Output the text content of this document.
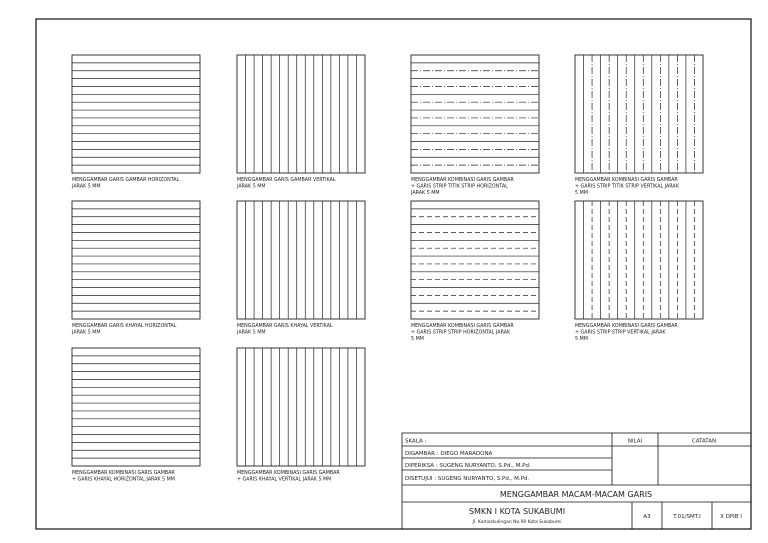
MENGGAMBAR GARIS GAMBAR HORIZONTAL
JARAK 5 MM
MENGGAMBAR GARIS GAMBAR VERTIKAL
JARAK 5 MM
MENGGAMBAR KOMBINASI GARIS GAMBAR
+ GARIS STRIP TITIK STRIP HORIZONTAL
JARAK 5 MM
MENGGAMBAR KOMBINASI GARIS GAMBAR
+ GARIS STRIP TITIK STRIP VERTIKAL JARAK
5 MM
MENGGAMBAR GARIS KHAYAL HORIZONTAL
JARAK 5 MM
MENGGAMBAR GARIS KHAYAL VERTIKAL
JARAK 5 MM
MENGGAMBAR KOMBINASI GARIS GAMBAR
+ GARIS STRIP STRIP HORIZONTAL JARAK
5 MM
MENGGAMBAR KOMBINASI GARIS GAMBAR
+ GARIS STRIP STRIP VERTIKAL JARAK
5 MM
MENGGAMBAR KOMBINASI GARIS GAMBAR
+ GARIS KHAYAL HORIZONTAL JARAK 5 MM
MENGGAMBAR KOMBINASI GARIS GAMBAR
+ GARIS KHAYAL VERTIKAL JARAK 5 MM
SKALA :
DIGAMBAR : DIEGO MARADONA
DIPERIKSA : SUGENG NURYANTO, S.Pd., M.Pd.
DISETUJUI : SUGENG NURYANTO, S.Pd., M.Pd.
NILAI	CATATAN
MENGGAMBAR MACAM-MACAM GARIS
SMKN I KOTA SUKABUMI
Jl. Kamarkulingan No.90 Kota Sukabumi
A3	T.01/SMT.I	X DPIB I
